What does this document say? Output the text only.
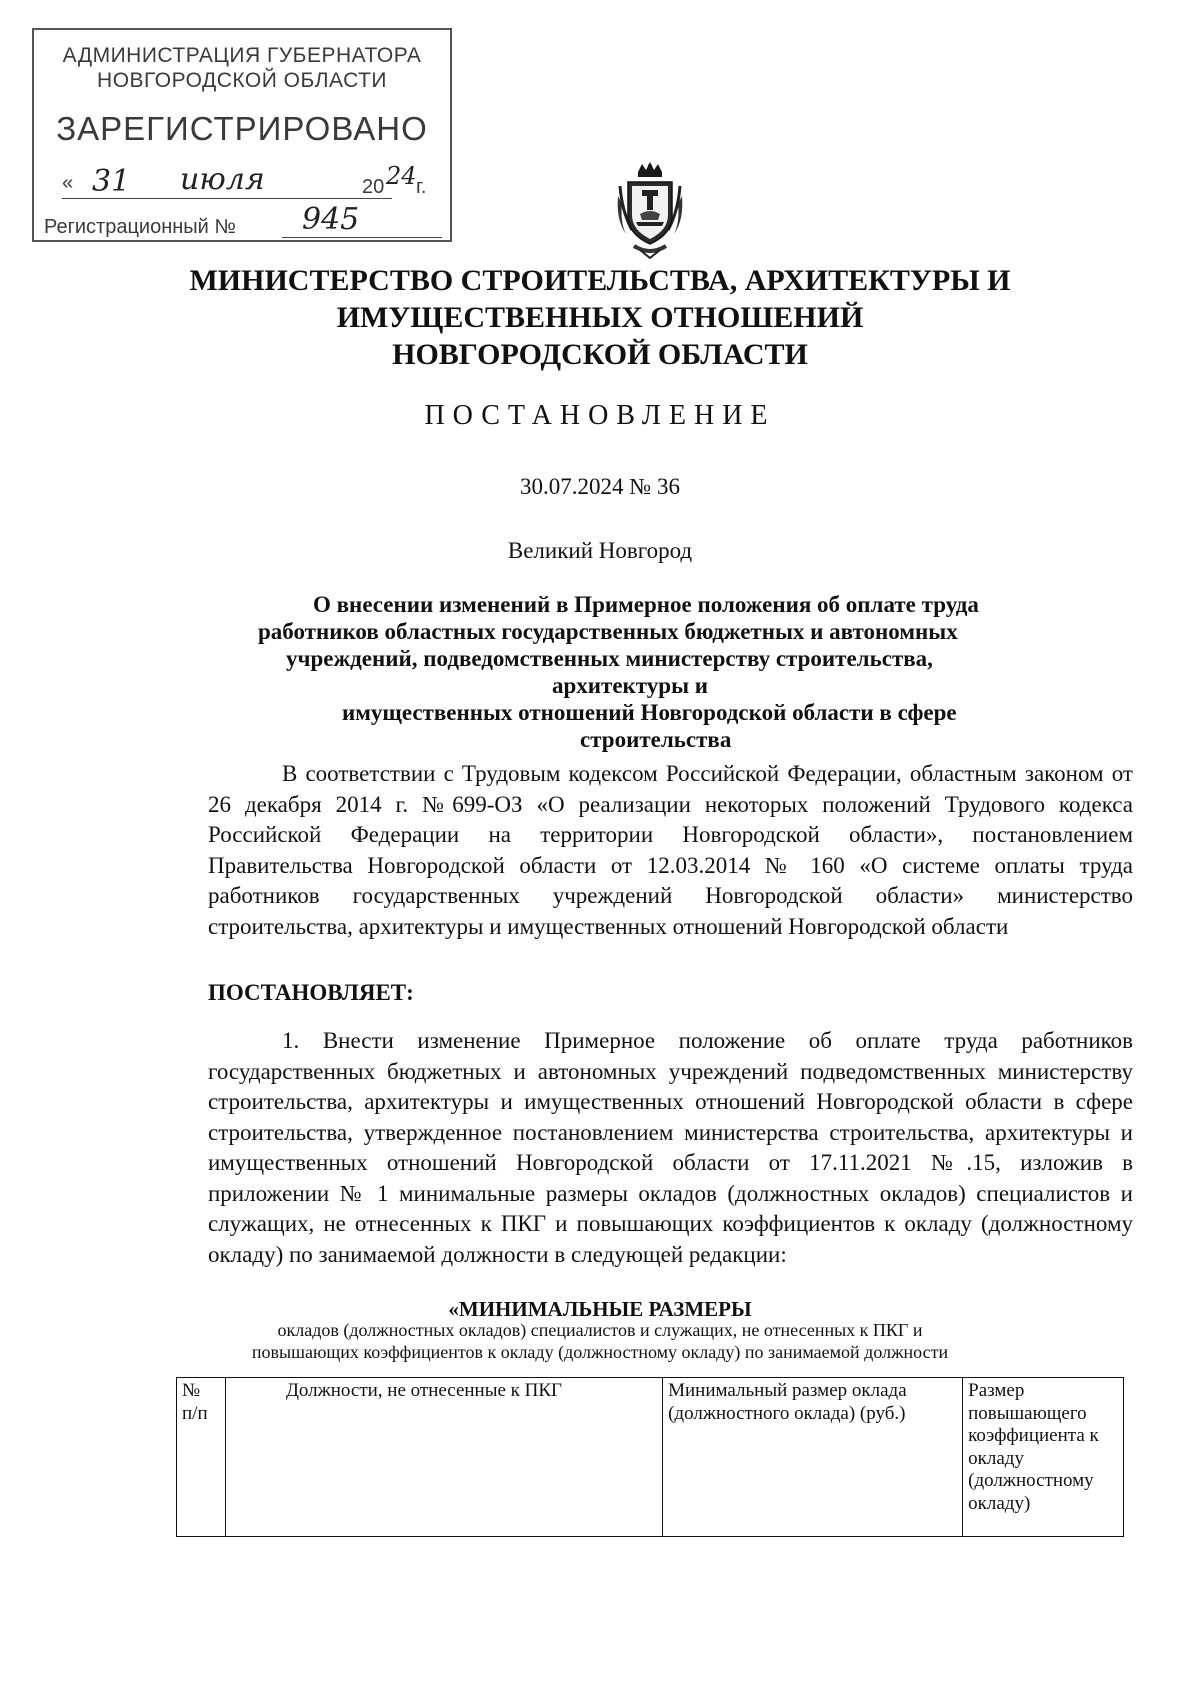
АДМИНИСТРАЦИЯ ГУБЕРНАТОРА
НОВГОРОДСКОЙ ОБЛАСТИ
ЗАРЕГИСТРИРОВАНО
« 31 июля	20 24 г.
Регистрационный № 945
МИНИСТЕРСТВО СТРОИТЕЛЬСТВА, АРХИТЕКТУРЫ И
ИМУЩЕСТВЕННЫХ ОТНОШЕНИЙ
НОВГОРОДСКОЙ ОБЛАСТИ
ПОСТАНОВЛЕНИЕ
30.07.2024 № 36
Великий Новгород
О внесении изменений в Примерное положения об оплате труда
работников областных государственных бюджетных и автономных
учреждений, подведомственных министерству строительства,
архитектуры и
имущественных отношений Новгородской области в сфере
строительства
В соответствии с Трудовым кодексом Российской Федерации, областным законом от 26 декабря 2014 г. №699-ОЗ «О реализации некоторых положений Трудового кодекса Российской Федерации на территории Новгородской области», постановлением Правительства Новгородской области от 12.03.2014 № 160 «О системе оплаты труда работников государственных учреждений Новгородской области» министерство строительства, архитектуры и имущественных отношений Новгородской области
ПОСТАНОВЛЯЕТ:
1. Внести изменение Примерное положение об оплате труда работников государственных бюджетных и автономных учреждений подведомственных министерству строительства, архитектуры и имущественных отношений Новгородской области в сфере строительства, утвержденное постановлением министерства строительства, архитектуры и имущественных отношений Новгородской области от 17.11.2021 №.15, изложив в приложении № 1 минимальные размеры окладов (должностных окладов) специалистов и служащих, не отнесенных к ПКГ и повышающих коэффициентов к окладу (должностному окладу) по занимаемой должности в следующей редакции:
«МИНИМАЛЬНЫЕ РАЗМЕРЫ
окладов (должностных окладов) специалистов и служащих, не отнесенных к ПКГ и
повышающих коэффициентов к окладу (должностному окладу) по занимаемой должности
№ п/п	Должности, не отнесенные к ПКГ	Минимальный размер оклада (должностного оклада) (руб.)	Размер повышающего коэффициента к окладу (должностному окладу)
